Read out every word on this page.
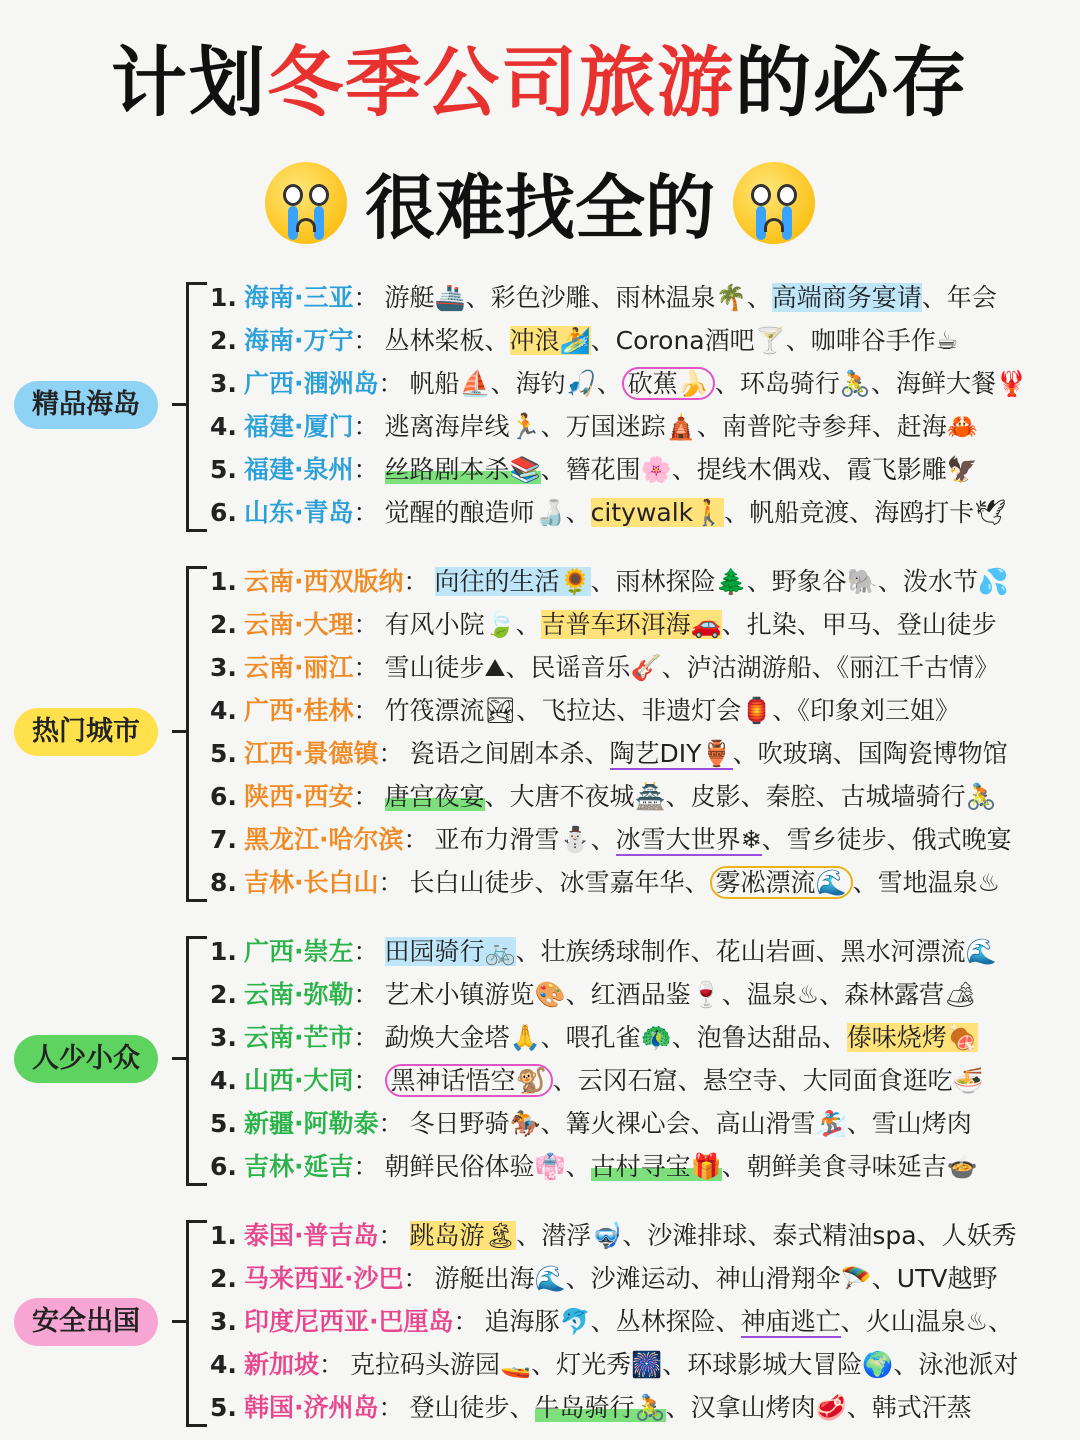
计划冬季公司旅游的必存
很难找全的
精品海岛
1. 海南·三亚： 游艇🚢、彩色沙雕、雨林温泉🌴、高端商务宴请、年会
2. 海南·万宁： 丛林桨板、冲浪🏄、Corona酒吧🍸、咖啡谷手作☕
3. 广西·涠洲岛： 帆船⛵、海钓🎣、 砍蕉🍌 、环岛骑行🚴、海鲜大餐🦞
4. 福建·厦门： 逃离海岸线🏃、万国迷踪🛕、南普陀寺参拜、赶海🦀
5. 福建·泉州： 丝路剧本杀📚、簪花围🌸、提线木偶戏、霞飞影雕🦅
6. 山东·青岛： 觉醒的酿造师🍶、citywalk🚶、帆船竞渡、海鸥打卡🕊
热门城市
1. 云南·西双版纳： 向往的生活🌻、雨林探险🌲、野象谷🐘、泼水节💦
2. 云南·大理： 有风小院🍃、吉普车环洱海🚗、扎染、甲马、登山徒步
3. 云南·丽江： 雪山徒步⛰、民谣音乐🎸、泸沽湖游船、《丽江千古情》
4. 广西·桂林： 竹筏漂流🏞、飞拉达、非遗灯会🏮、《印象刘三姐》
5. 江西·景德镇： 瓷语之间剧本杀、陶艺DIY🏺、吹玻璃、国陶瓷博物馆
6. 陕西·西安： 唐宫夜宴、大唐不夜城🏯、皮影、秦腔、古城墙骑行🚴
7. 黑龙江·哈尔滨： 亚布力滑雪⛄、冰雪大世界❄、雪乡徒步、俄式晚宴
8. 吉林·长白山： 长白山徒步、冰雪嘉年华、 雾凇漂流🌊 、雪地温泉♨
人少小众
1. 广西·崇左： 田园骑行🚲、壮族绣球制作、花山岩画、黑水河漂流🌊
2. 云南·弥勒： 艺术小镇游览🎨、红酒品鉴🍷、温泉♨、森林露营🏕
3. 云南·芒市： 勐焕大金塔🙏、喂孔雀🦚、泡鲁达甜品、傣味烧烤🍖
4. 山西·大同： 黑神话悟空🐒 、云冈石窟、悬空寺、大同面食逛吃🍜
5. 新疆·阿勒泰： 冬日野骑🏇、篝火裸心会、高山滑雪🏂、雪山烤肉
6. 吉林·延吉： 朝鲜民俗体验👘、古村寻宝🎁、朝鲜美食寻味延吉🍲
安全出国
1. 泰国·普吉岛： 跳岛游🏝、潜浮🤿、沙滩排球、泰式精油spa、人妖秀
2. 马来西亚·沙巴： 游艇出海🌊、沙滩运动、神山滑翔伞🪂、UTV越野
3. 印度尼西亚·巴厘岛： 追海豚🐬、丛林探险、神庙逃亡、火山温泉♨、
4. 新加坡： 克拉码头游园🚤、灯光秀🎆、环球影城大冒险🌍、泳池派对
5. 韩国·济州岛： 登山徒步、牛岛骑行🚴、汉拿山烤肉🥩、韩式汗蒸
